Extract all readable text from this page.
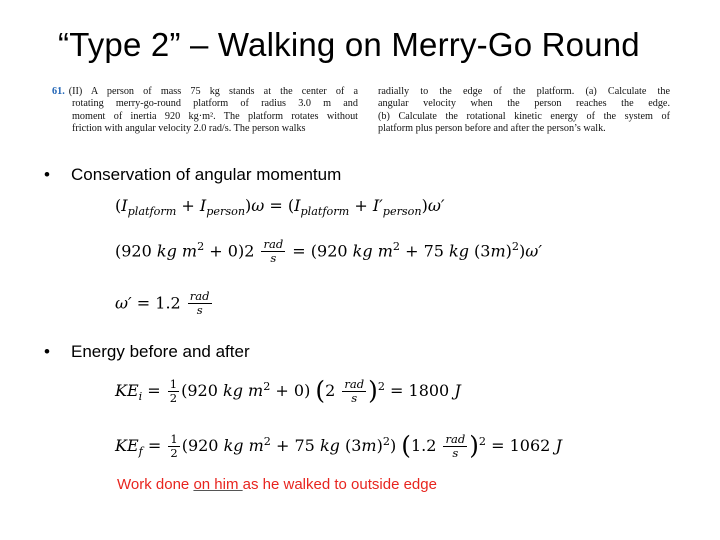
“Type 2” – Walking on Merry-Go Round
61. (II) A person of mass 75 kg stands at the center of a
rotating merry-go-round platform of radius 3.0 m and
moment of inertia 920 kg·m². The platform rotates without
friction with angular velocity 2.0 rad/s. The person walks
radially to the edge of the platform. (a) Calculate the
angular velocity when the person reaches the edge.
(b) Calculate the rotational kinetic energy of the system of
platform plus person before and after the person’s walk.
• Conservation of angular momentum
$(I_{platform} + I_{person})\omega = (I_{platform} + I'_{person})\omega'$
(920 kg $m^2 + 0)2 \frac{\text{rad}}{s} = (920$ kg $m^2 + 75$ kg $(3m)^2)\omega'$
$\omega' = 1.2 \frac{\text{rad}}{s}$
• Energy before and after
$KE_i = \frac{1}{2} (920$ kg $m^2 + 0$) $(2 \frac{\text{rad}}{s} )^2 = 1800$ J
$KE_f = \frac{1}{2} (920$ kg $m^2 + 75$ kg $(3m)^2$) $(1.2 \frac{\text{rad}}{s} )^2 = 1062$ J
Work done on him as he walked to outside edge
